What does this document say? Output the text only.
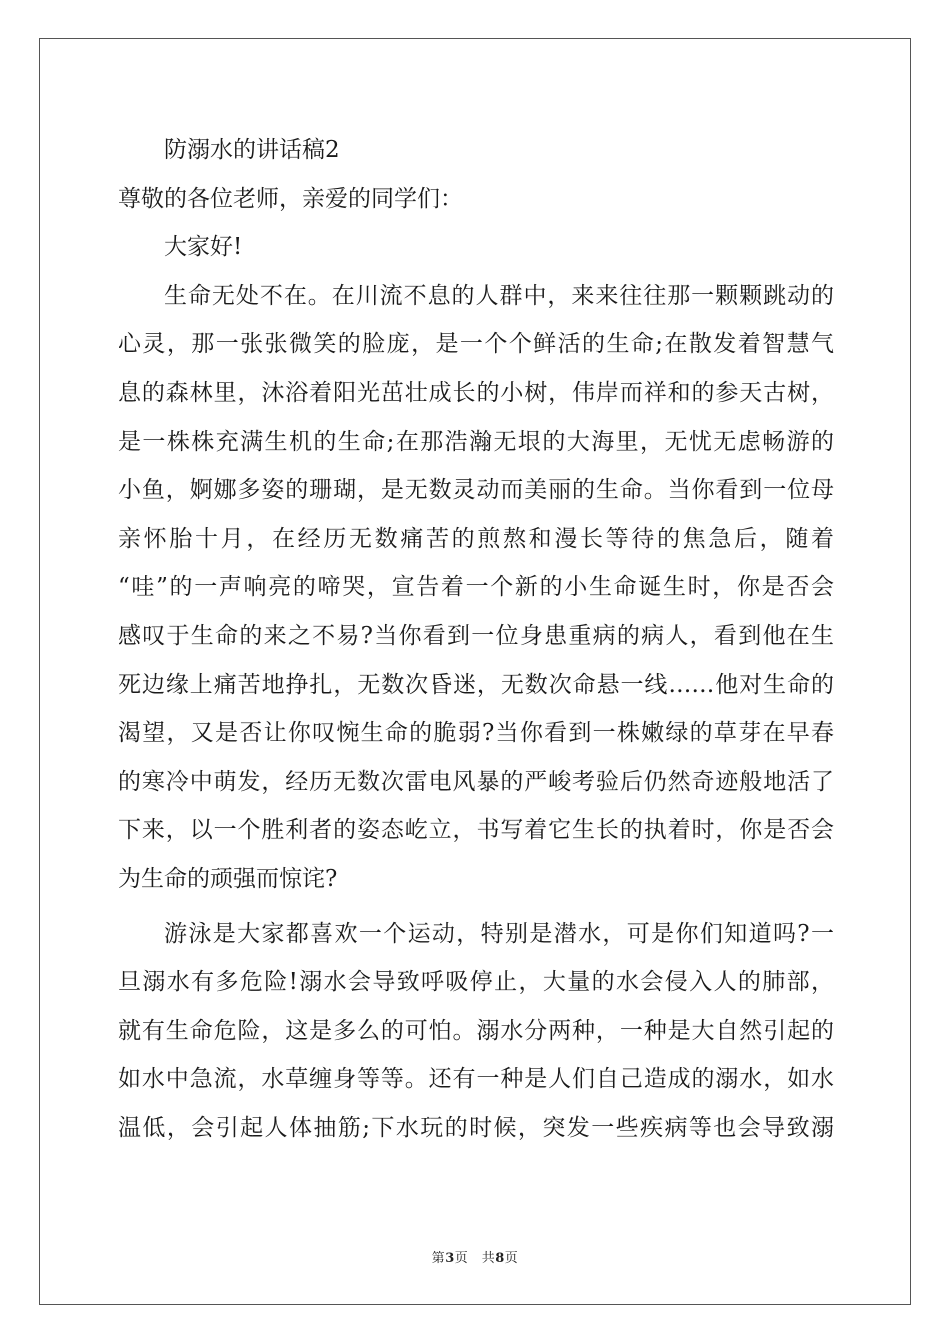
防溺水的讲话稿2
尊敬的各位老师，亲爱的同学们：
大家好!
生命无处不在。在川流不息的人群中，来来往往那一颗颗跳动的
心灵，那一张张微笑的脸庞，是一个个鲜活的生命;在散发着智慧气
息的森林里，沐浴着阳光茁壮成长的小树，伟岸而祥和的参天古树，
是一株株充满生机的生命;在那浩瀚无垠的大海里，无忧无虑畅游的
小鱼，婀娜多姿的珊瑚，是无数灵动而美丽的生命。当你看到一位母
亲怀胎十月，在经历无数痛苦的煎熬和漫长等待的焦急后，随着
“哇”的一声响亮的啼哭，宣告着一个新的小生命诞生时，你是否会
感叹于生命的来之不易?当你看到一位身患重病的病人，看到他在生
死边缘上痛苦地挣扎，无数次昏迷，无数次命悬一线……他对生命的
渴望，又是否让你叹惋生命的脆弱?当你看到一株嫩绿的草芽在早春
的寒冷中萌发，经历无数次雷电风暴的严峻考验后仍然奇迹般地活了
下来，以一个胜利者的姿态屹立，书写着它生长的执着时，你是否会
为生命的顽强而惊诧?
游泳是大家都喜欢一个运动，特别是潜水，可是你们知道吗?一
旦溺水有多危险!溺水会导致呼吸停止，大量的水会侵入人的肺部，
就有生命危险，这是多么的可怕。溺水分两种，一种是大自然引起的
如水中急流，水草缠身等等。还有一种是人们自己造成的溺水，如水
温低，会引起人体抽筋;下水玩的时候，突发一些疾病等也会导致溺
第3页　共8页
